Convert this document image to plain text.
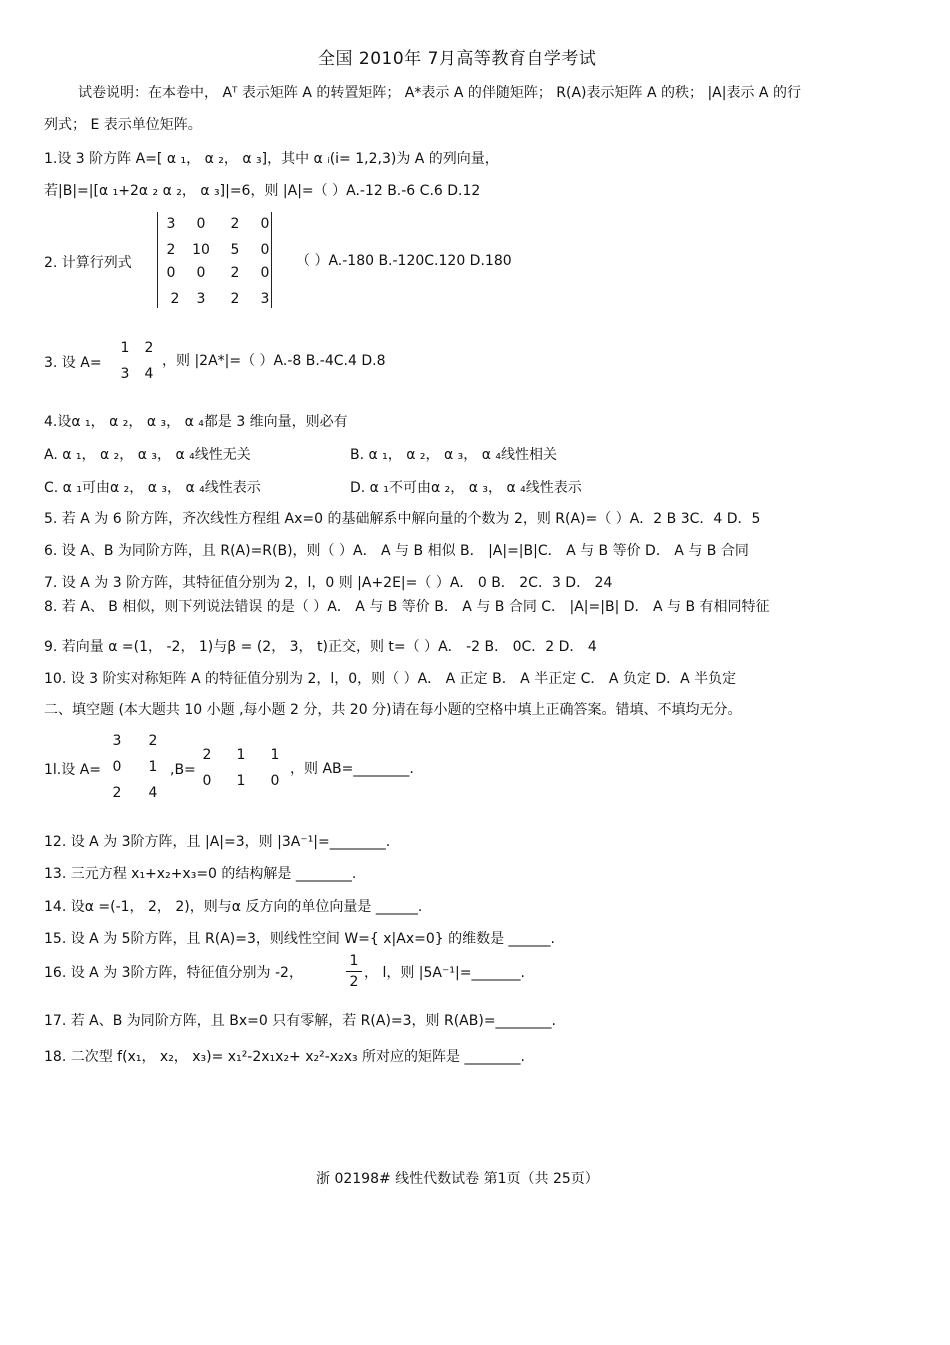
全国 2010年 7月高等教育自学考试
试卷说明：在本卷中， Aᵀ 表示矩阵 A 的转置矩阵； A*表示 A 的伴随矩阵； R(A)表示矩阵 A 的秩； |A|表示 A 的行
列式； E 表示单位矩阵。
1.设 3 阶方阵 A=[ α ₁， α ₂， α ₃]，其中 α ᵢ(i= 1,2,3)为 A 的列向量，
若|B|=|[α ₁+2α ₂ α ₂， α ₃]|=6，则 |A|=（ ）A.-12 B.-6 C.6 D.12
2. 计算行列式
3	0	2	0
2	10	5	0
0	0	2	0
2	3	2	3
（ ）A.-180 B.-120C.120 D.180
3. 设 A=
1	2
3	4
，则 |2A*|=（ ）A.-8 B.-4C.4 D.8
4.设α ₁， α ₂， α ₃， α ₄都是 3 维向量，则必有
A. α ₁， α ₂， α ₃， α ₄线性无关	B. α ₁， α ₂， α ₃， α ₄线性相关
C. α ₁可由α ₂， α ₃， α ₄线性表示	D. α ₁不可由α ₂， α ₃， α ₄线性表示
5. 若 A 为 6 阶方阵，齐次线性方程组 Ax=0 的基础解系中解向量的个数为 2，则 R(A)=（ ）A．2 B 3C．4 D．5
6. 设 A、B 为同阶方阵，且 R(A)=R(B)，则（ ）A． A 与 B 相似 B． |A|=|B|C． A 与 B 等价 D． A 与 B 合同
7. 设 A 为 3 阶方阵，其特征值分别为 2，l，0 则 |A+2E|=（ ）A． 0 B． 2C．3 D． 24
8. 若 A、 B 相似，则下列说法错误 的是（ ）A． A 与 B 等价 B． A 与 B 合同 C． |A|=|B| D． A 与 B 有相同特征
9. 若向量 α =(1， -2， 1)与β = (2， 3， t)正交，则 t=（ ）A． -2 B． 0C．2 D． 4
10. 设 3 阶实对称矩阵 A 的特征值分别为 2，l，0，则（ ）A． A 正定 B． A 半正定 C． A 负定 D．A 半负定
二、填空题 (本大题共 10 小题 ,每小题 2 分，共 20 分)请在每小题的空格中填上正确答案。错填、不填均无分。
1l.设 A=
3	2
0	1
2	4
,B=
2	1	1
0	1	0
，则 AB=________.
12. 设 A 为 3阶方阵，且 |A|=3，则 |3A⁻¹|=________.
13. 三元方程 x₁+x₂+x₃=0 的结构解是 ________.
14. 设α =(-1， 2， 2)，则与α 反方向的单位向量是 ______.
15. 设 A 为 5阶方阵，且 R(A)=3，则线性空间 W={ x|Ax=0} 的维数是 ______.
16. 设 A 为 3阶方阵，特征值分别为 -2，
1
2
， l，则 |5A⁻¹|=_______.
17. 若 A、B 为同阶方阵，且 Bx=0 只有零解，若 R(A)=3，则 R(AB)=________.
18. 二次型 f(x₁， x₂， x₃)= x₁²-2x₁x₂+ x₂²-x₂x₃ 所对应的矩阵是 ________.
浙 02198# 线性代数试卷 第1页（共 25页）
